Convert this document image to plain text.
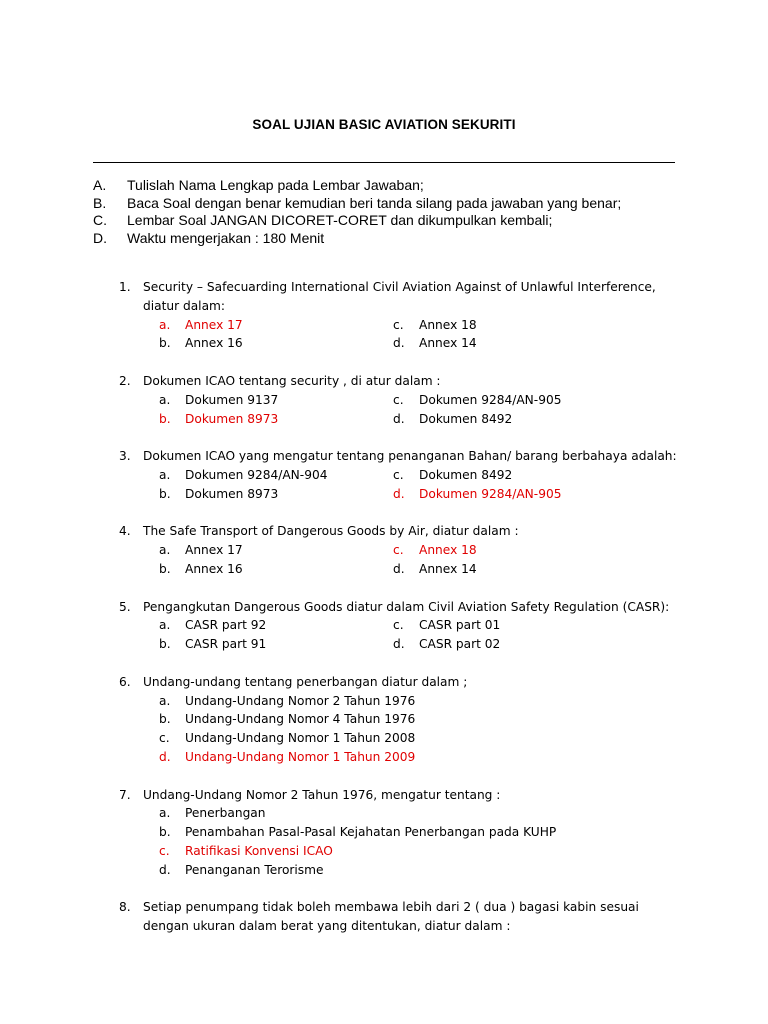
SOAL UJIAN BASIC AVIATION SEKURITI
A.	Tulislah Nama Lengkap pada Lembar Jawaban;
B.	Baca Soal dengan benar kemudian beri tanda silang pada jawaban yang benar;
C.	Lembar Soal JANGAN DICORET-CORET dan dikumpulkan kembali;
D.	Waktu mengerjakan : 180 Menit
1.	Security – Safecuarding International Civil Aviation Against of Unlawful Interference, diatur dalam:
a.	Annex 17	c.	Annex 18
b.	Annex 16	d.	Annex 14
2.	Dokumen ICAO tentang security , di atur dalam :
a.	Dokumen 9137	c.	Dokumen 9284/AN-905
b.	Dokumen 8973	d.	Dokumen 8492
3.	Dokumen ICAO yang mengatur tentang penanganan Bahan/ barang berbahaya adalah:
a.	Dokumen 9284/AN-904	c.	Dokumen 8492
b.	Dokumen 8973	d.	Dokumen 9284/AN-905
4.	The Safe Transport of Dangerous Goods by Air, diatur dalam :
a.	Annex 17	c.	Annex 18
b.	Annex 16	d.	Annex 14
5.	Pengangkutan Dangerous Goods diatur dalam Civil Aviation Safety Regulation (CASR):
a.	CASR part 92	c.	CASR part 01
b.	CASR part 91	d.	CASR part 02
6.	Undang-undang tentang penerbangan diatur dalam ;
a.	Undang-Undang Nomor 2 Tahun 1976
b.	Undang-Undang Nomor 4 Tahun 1976
c.	Undang-Undang Nomor 1 Tahun 2008
d.	Undang-Undang Nomor 1 Tahun 2009
7.	Undang-Undang Nomor 2 Tahun 1976, mengatur tentang :
a.	Penerbangan
b.	Penambahan Pasal-Pasal Kejahatan Penerbangan pada KUHP
c.	Ratifikasi Konvensi ICAO
d.	Penanganan Terorisme
8.	Setiap penumpang tidak boleh membawa lebih dari 2 ( dua ) bagasi kabin sesuai dengan ukuran dalam berat yang ditentukan, diatur dalam :
